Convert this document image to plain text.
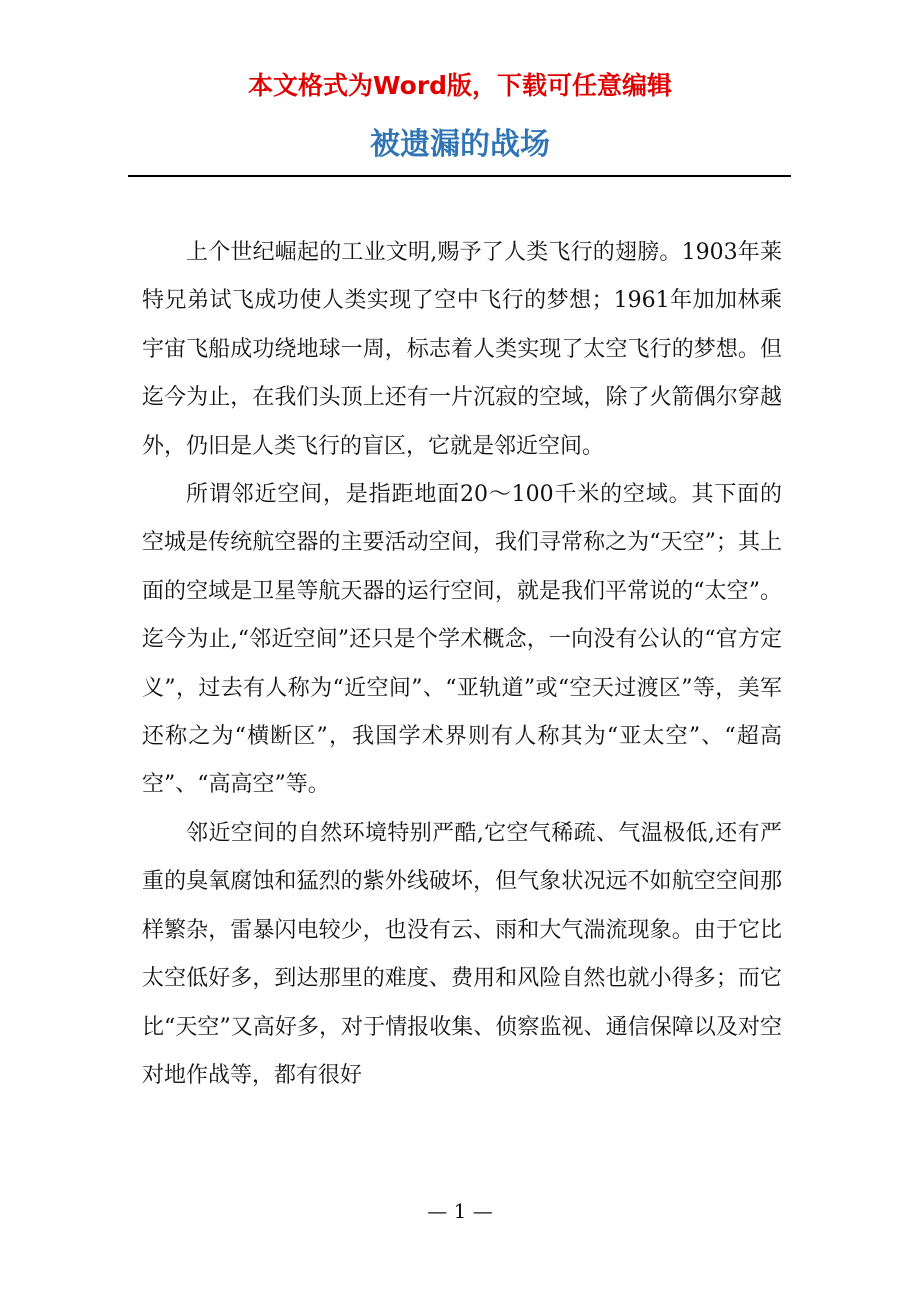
本文格式为Word版，下载可任意编辑

被遗漏的战场

上个世纪崛起的工业文明,赐予了人类飞行的翅膀。1903年莱特兄弟试飞成功使人类实现了空中飞行的梦想；1961年加加林乘宇宙飞船成功绕地球一周，标志着人类实现了太空飞行的梦想。但迄今为止，在我们头顶上还有一片沉寂的空域，除了火箭偶尔穿越外，仍旧是人类飞行的盲区，它就是邻近空间。

所谓邻近空间，是指距地面20～100千米的空域。其下面的空城是传统航空器的主要活动空间，我们寻常称之为“天空”；其上面的空域是卫星等航天器的运行空间，就是我们平常说的“太空”。迄今为止,“邻近空间”还只是个学术概念，一向没有公认的“官方定义”，过去有人称为“近空间”、“亚轨道”或“空天过渡区”等，美军还称之为“横断区”，我国学术界则有人称其为“亚太空”、“超高空”、“高高空”等。

邻近空间的自然环境特别严酷,它空气稀疏、气温极低,还有严重的臭氧腐蚀和猛烈的紫外线破坏，但气象状况远不如航空空间那样繁杂，雷暴闪电较少，也没有云、雨和大气湍流现象。由于它比太空低好多，到达那里的难度、费用和风险自然也就小得多；而它比“天空”又高好多，对于情报收集、侦察监视、通信保障以及对空对地作战等，都有很好

— 1 —
